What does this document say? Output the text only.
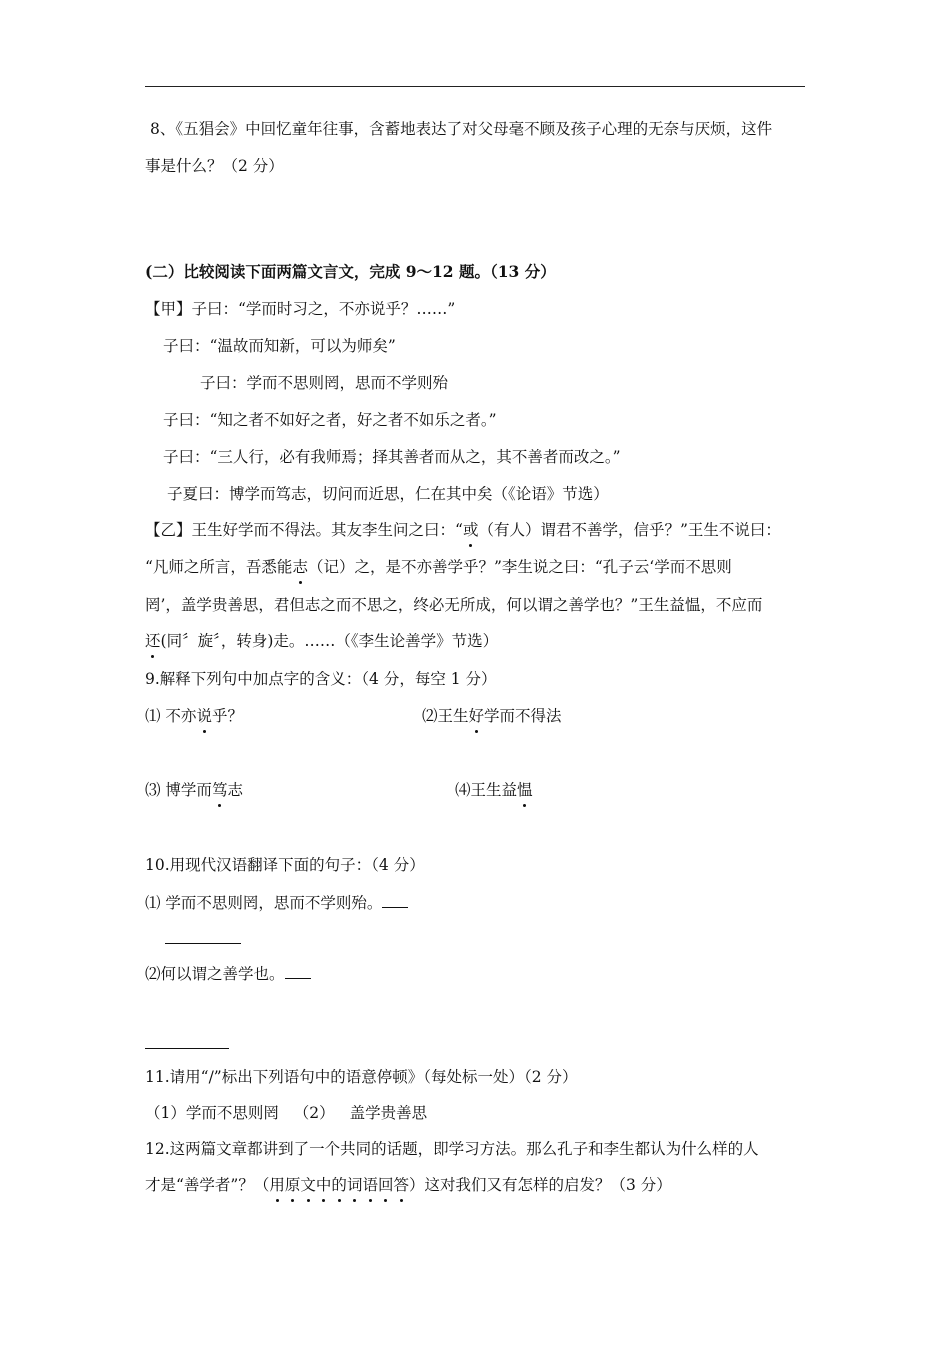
8、《五猖会》中回忆童年往事，含蓄地表达了对父母毫不顾及孩子心理的无奈与厌烦，这件
事是什么？（2 分）
(二）比较阅读下面两篇文言文，完成 9～12 题。（13 分）
【甲】子曰：“学而时习之，不亦说乎？……”
子曰：“温故而知新，可以为师矣”
子曰：学而不思则罔，思而不学则殆
子曰：“知之者不如好之者，好之者不如乐之者。”
子曰：“三人行，必有我师焉；择其善者而从之，其不善者而改之。”
子夏曰：博学而笃志，切问而近思，仁在其中矣（《论语》节选）
【乙】王生好学而不得法。其友李生问之曰：“或（有人）谓君不善学，信乎？”王生不说曰：
“凡师之所言，吾悉能志（记）之，是不亦善学乎？”李生说之曰：“孔子云‘学而不思则
罔’，盖学贵善思，君但志之而不思之，终必无所成，何以谓之善学也？”王生益愠，不应而
还(同〞旋〞，转身)走。……（《李生论善学》节选）
9.解释下列句中加点字的含义：（4 分，每空 1 分）
⑴ 不亦说乎？	⑵王生好学而不得法
⑶ 博学而笃志	⑷王生益愠
10.用现代汉语翻译下面的句子：（4 分）
⑴ 学而不思则罔，思而不学则殆。
⑵何以谓之善学也。
11.请用“/”标出下列语句中的语意停顿》（每处标一处）（2 分）
（1）学而不思则罔 （2） 盖学贵善思
12.这两篇文章都讲到了一个共同的话题，即学习方法。那么孔子和李生都认为什么样的人
才是“善学者”？（用原文中的词语回答）这对我们又有怎样的启发？（3 分）
